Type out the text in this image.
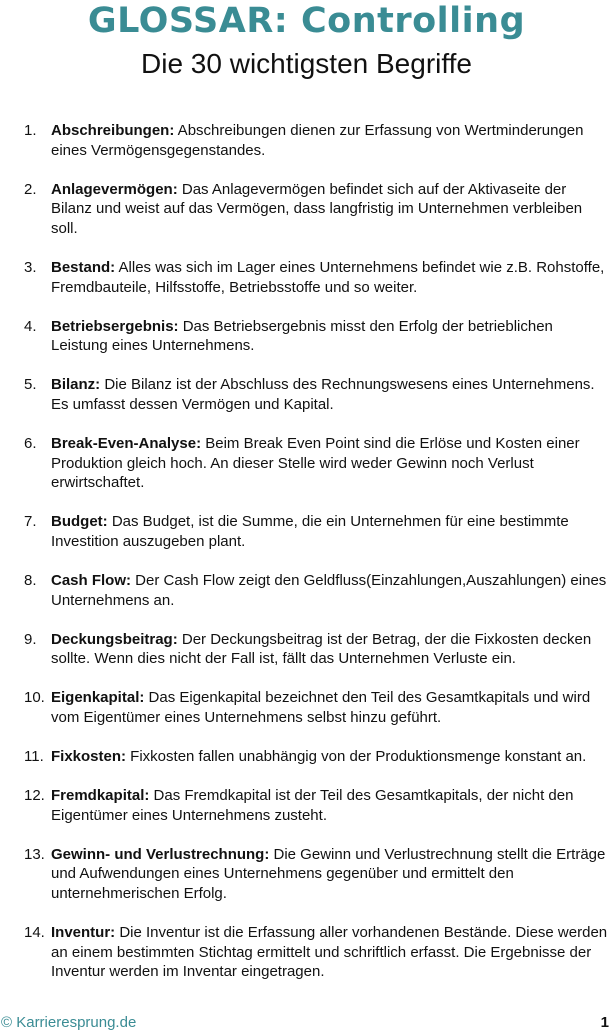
GLOSSAR: Controlling
Die 30 wichtigsten Begriffe
1. Abschreibungen: Abschreibungen dienen zur Erfassung von Wertminderungen eines Vermögensgegenstandes.
2. Anlagevermögen: Das Anlagevermögen befindet sich auf der Aktivaseite der Bilanz und weist auf das Vermögen, dass langfristig im Unternehmen verbleiben soll.
3. Bestand: Alles was sich im Lager eines Unternehmens befindet wie z.B. Rohstoffe, Fremdbauteile, Hilfsstoffe, Betriebsstoffe und so weiter.
4. Betriebsergebnis: Das Betriebsergebnis misst den Erfolg der betrieblichen Leistung eines Unternehmens.
5. Bilanz: Die Bilanz ist der Abschluss des Rechnungswesens eines Unternehmens. Es umfasst dessen Vermögen und Kapital.
6. Break-Even-Analyse: Beim Break Even Point sind die Erlöse und Kosten einer Produktion gleich hoch. An dieser Stelle wird weder Gewinn noch Verlust erwirtschaftet.
7. Budget: Das Budget, ist die Summe, die ein Unternehmen für eine bestimmte Investition auszugeben plant.
8. Cash Flow: Der Cash Flow zeigt den Geldfluss(Einzahlungen,Auszahlungen) eines Unternehmens an.
9. Deckungsbeitrag: Der Deckungsbeitrag ist der Betrag, der die Fixkosten decken sollte. Wenn dies nicht der Fall ist, fällt das Unternehmen Verluste ein.
10. Eigenkapital: Das Eigenkapital bezeichnet den Teil des Gesamtkapitals und wird vom Eigentümer eines Unternehmens selbst hinzu geführt.
11. Fixkosten: Fixkosten fallen unabhängig von der Produktionsmenge konstant an.
12. Fremdkapital: Das Fremdkapital ist der Teil des Gesamtkapitals, der nicht den Eigentümer eines Unternehmens zusteht.
13. Gewinn- und Verlustrechnung: Die Gewinn und Verlustrechnung stellt die Erträge und Aufwendungen eines Unternehmens gegenüber und ermittelt den unternehmerischen Erfolg.
14. Inventur: Die Inventur ist die Erfassung aller vorhandenen Bestände. Diese werden an einem bestimmten Stichtag ermittelt und schriftlich erfasst. Die Ergebnisse der Inventur werden im Inventar eingetragen.
© Karrieresprung.de	1
